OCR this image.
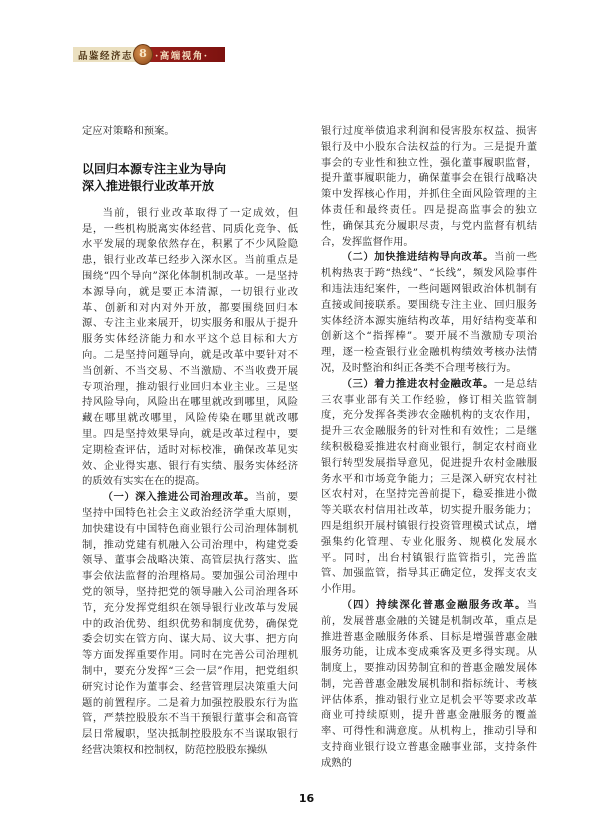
品鉴经济志 8 ·高端视角·

定应对策略和预案。

以回归本源专注主业为导向
深入推进银行业改革开放

当前，银行业改革取得了一定成效，但是，一些机构脱离实体经营、同质化竞争、低水平发展的现象依然存在，积累了不少风险隐患，银行业改革已经步入深水区。当前重点是围绕“四个导向”深化体制机制改革。一是坚持本源导向，就是要正本清源，一切银行业改革、创新和对内对外开放，都要围绕回归本源、专注主业来展开，切实服务和服从于提升服务实体经济能力和水平这个总目标和大方向。二是坚持问题导向，就是改革中要针对不当创新、不当交易、不当激励、不当收费开展专项治理，推动银行业回归本业主业。三是坚持风险导向，风险出在哪里就改到哪里，风险藏在哪里就改哪里，风险传染在哪里就改哪里。四是坚持效果导向，就是改革过程中，要定期检查评估，适时对标校准，确保改革见实效、企业得实惠、银行有实绩、服务实体经济的质效有实实在在的提高。

（一）深入推进公司治理改革。当前，要坚持中国特色社会主义政治经济学重大原则，加快建设有中国特色商业银行公司治理体制机制，推动党建有机融入公司治理中，构建党委领导、董事会战略决策、高管层执行落实、监事会依法监督的治理格局。要加强公司治理中党的领导，坚持把党的领导融入公司治理各环节，充分发挥党组织在领导银行业改革与发展中的政治优势、组织优势和制度优势，确保党委会切实在管方向、谋大局、议大事、把方向等方面发挥重要作用。同时在完善公司治理机制中，要充分发挥“三会一层”作用，把党组织研究讨论作为董事会、经营管理层决策重大问题的前置程序。二是着力加强控股股东行为监管，严禁控股股东不当干预银行董事会和高管层日常履职，坚决抵制控股股东不当谋取银行经营决策权和控制权，防范控股股东操纵

银行过度举债追求利润和侵害股东权益、损害银行及中小股东合法权益的行为。三是提升董事会的专业性和独立性，强化董事履职监督，提升董事履职能力，确保董事会在银行战略决策中发挥核心作用，并抓住全面风险管理的主体责任和最终责任。四是提高监事会的独立性，确保其充分履职尽责，与党内监督有机结合，发挥监督作用。

（二）加快推进结构导向改革。当前一些机构热衷于跨“热线”、“长线”，频发风险事件和违法违纪案件，一些问题网银政治体机制有直接或间接联系。要围绕专注主业、回归服务实体经济本源实施结构改革，用好结构变革和创新这个“指挥棒”。要开展不当激励专项治理，逐一检查银行业金融机构绩效考核办法情况，及时整治和纠正各类不合理考核行为。

（三）着力推进农村金融改革。一是总结三农事业部有关工作经验，修订相关监管制度，充分发挥各类涉农金融机构的支农作用，提升三农金融服务的针对性和有效性；二是继续积极稳妥推进农村商业银行，制定农村商业银行转型发展指导意见，促进提升农村金融服务水平和市场竞争能力；三是深入研究农村社区农村对，在坚持完善前提下，稳妥推进小微等关联农村信用社改革，切实提升服务能力；四是组织开展村镇银行投资管理模式试点，增强集约化管理、专业化服务、规模化发展水平。同时，出台村镇银行监管指引，完善监管、加强监管，指导其正确定位，发挥支农支小作用。

（四）持续深化普惠金融服务改革。当前，发展普惠金融的关键是机制改革，重点是推进普惠金融服务体系、目标是增强普惠金融服务功能，让成本变成乘客及更多得实现。从制度上，要推动因势制宜和的普惠金融发展体制，完善普惠金融发展机制和指标统计、考核评估体系，推动银行业立足机会平等要求改革商业可持续原则，提升普惠金融服务的覆盖率、可得性和满意度。从机构上，推动引导和支持商业银行设立普惠金融事业部，支持条件成熟的

16
